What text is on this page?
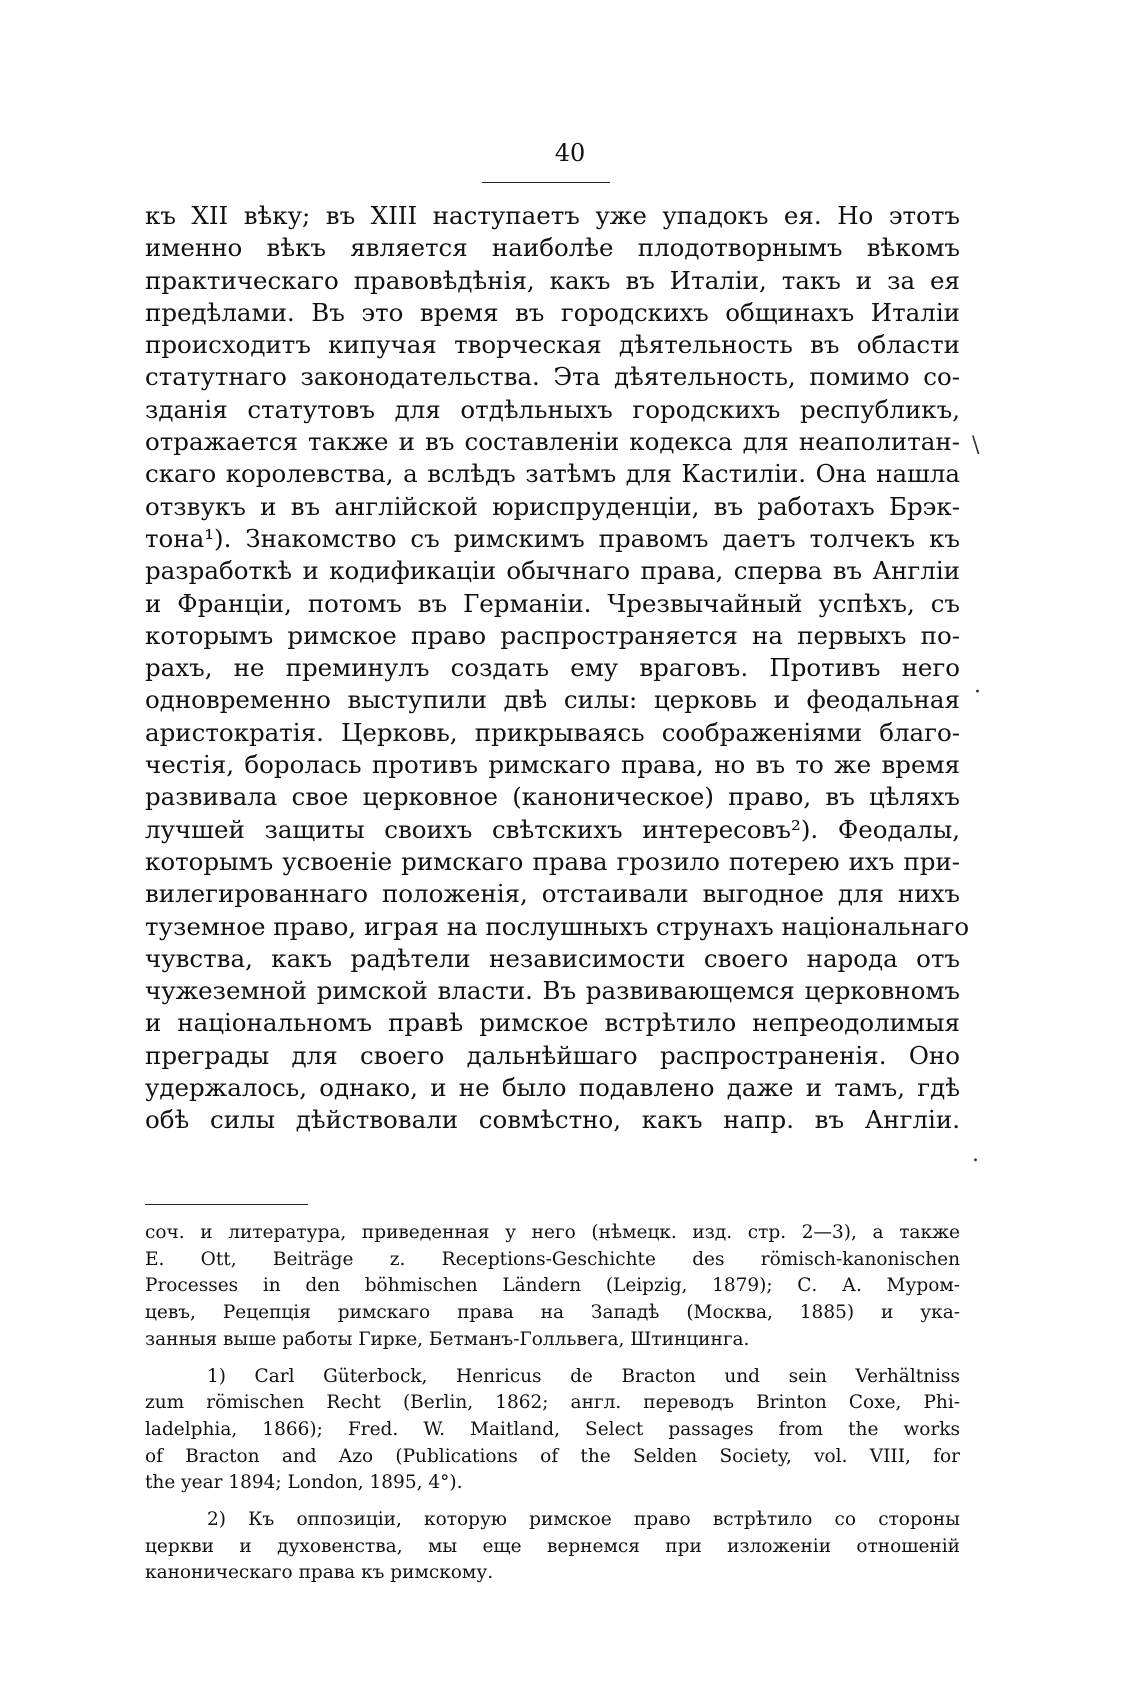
40
къ XII вѣку; въ XIII наступаетъ уже упадокъ ея. Но этотъ
именно вѣкъ является наиболѣе плодотворнымъ вѣкомъ
практическаго правовѣдѣнія, какъ въ Италіи, такъ и за ея
предѣлами. Въ это время въ городскихъ общинахъ Италіи
происходитъ кипучая творческая дѣятельность въ области
статутнаго законодательства. Эта дѣятельность, помимо со-
зданія статутовъ для отдѣльныхъ городскихъ республикъ,
отражается также и въ составленіи кодекса для неаполитан-
скаго королевства, а вслѣдъ затѣмъ для Кастиліи. Она нашла
отзвукъ и въ англійской юриспруденціи, въ работахъ Брэк-
тона¹). Знакомство съ римскимъ правомъ даетъ толчекъ къ
разработкѣ и кодификаціи обычнаго права, сперва въ Англіи
и Франціи, потомъ въ Германіи. Чрезвычайный успѣхъ, съ
которымъ римское право распространяется на первыхъ по-
рахъ, не преминулъ создать ему враговъ. Противъ него
одновременно выступили двѣ силы: церковь и феодальная
аристократія. Церковь, прикрываясь соображеніями благо-
честія, боролась противъ римскаго права, но въ то же время
развивала свое церковное (каноническое) право, въ цѣляхъ
лучшей защиты своихъ свѣтскихъ интересовъ²). Феодалы,
которымъ усвоеніе римскаго права грозило потерею ихъ при-
вилегированнаго положенія, отстаивали выгодное для нихъ
туземное право, играя на послушныхъ струнахъ національнаго
чувства, какъ радѣтели независимости своего народа отъ
чужеземной римской власти. Въ развивающемся церковномъ
и національномъ правѣ римское встрѣтило непреодолимыя
преграды для своего дальнѣйшаго распространенія. Оно
удержалось, однако, и не было подавлено даже и тамъ, гдѣ
обѣ силы дѣйствовали совмѣстно, какъ напр. въ Англіи.
\
·
.
соч. и литература, приведенная у него (нѣмецк. изд. стр. 2—3), а также
E. Ott, Beiträge z. Receptions-Geschichte des römisch-kanonischen
Processes in den böhmischen Ländern (Leipzig, 1879); С. А. Муром-
цевъ, Рецепція римскаго права на Западѣ (Москва, 1885) и ука-
занныя выше работы Гирке, Бетманъ-Голльвега, Штинцинга.
1) Carl Güterbock, Henricus de Bracton und sein Verhältniss
zum römischen Recht (Berlin, 1862; англ. переводъ Brinton Coxe, Phi-
ladelphia, 1866); Fred. W. Maitland, Select passages from the works
of Bracton and Azo (Publications of the Selden Society, vol. VIII, for
the year 1894; London, 1895, 4°).
2) Къ оппозиціи, которую римское право встрѣтило со стороны
церкви и духовенства, мы еще вернемся при изложеніи отношеній
каноническаго права къ римскому.
